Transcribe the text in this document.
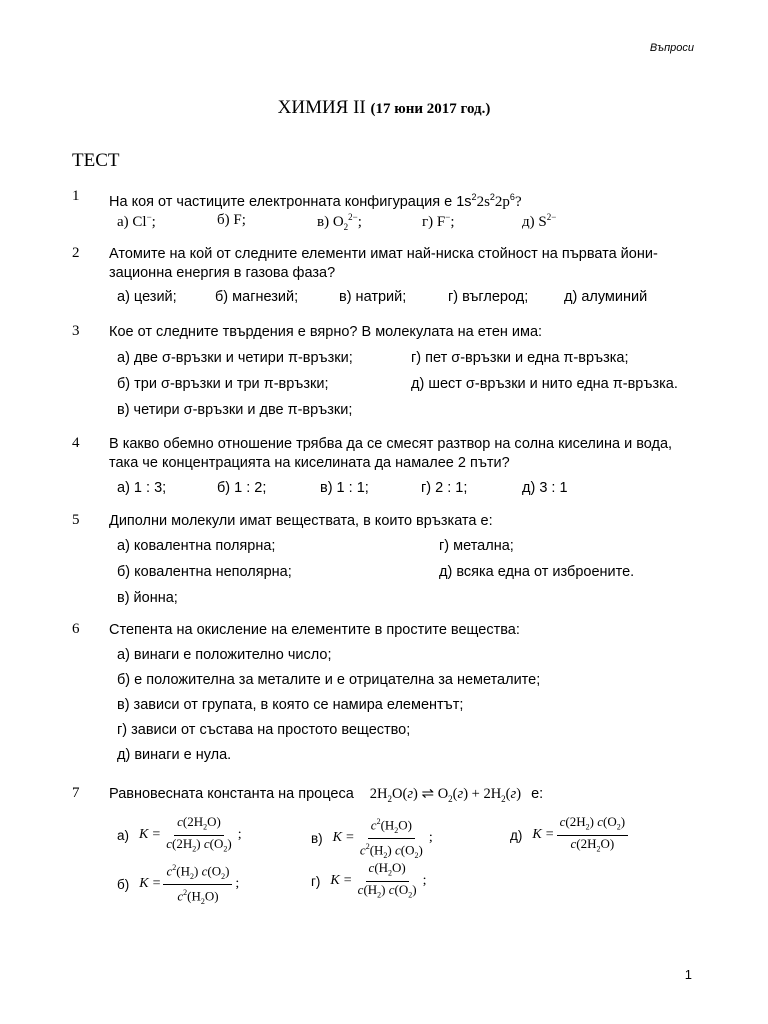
Въпроси
ХИМИЯ II (17 юни 2017 год.)
ТЕСТ
1 На коя от частиците електронната конфигурация е $1s^22s^22p^6$?
а) Cl−;	б) F;	в) $O_2^{2-}$;	г) F−;	д) $S^{2-}$
2 Атомите на кой от следните елементи имат най-ниска стойност на първата йони-зационна енергия в газова фаза?
а) цезий;	б) магнезий;	в) натрий;	г) въглерод; д) алуминий
3 Кое от следните твърдения е вярно? В молекулата на етен има:
а) две σ-връзки и четири π-връзки;	г) пет σ-връзки и една π-връзка;
б) три σ-връзки и три π-връзки;	д) шест σ-връзки и нито една π-връзка.
в) четири σ-връзки и две π-връзки;
4 В какво обемно отношение трябва да се смесят разтвор на солна киселина и вода, така че концентрацията на киселината да намалее 2 пъти?
а) 1 : 3;	б) 1 : 2;	в) 1 : 1;	г) 2 : 1;	д) 3 : 1
5 Диполни молекули имат веществата, в които връзката е:
а) ковалентна полярна;	г) метална;
б) ковалентна неполярна;	д) всяка една от изброените.
в) йонна;
6 Степента на окисление на елементите в простите вещества:
а) винаги е положително число;
б) е положителна за металите и е отрицателна за неметалите;
в) зависи от групата, в която се намира елементът;
г) зависи от състава на простото вещество;
д) винаги е нула.
7 Равновесната константа на процеса $2H_2O(г)$ ⇌ $O_2(г) + 2H_2(г)$ e:
а) $K = \frac{c(2H_2O)}{c(2H_2) c(O_2)}$ ;	в) $K = \frac{c^2(H_2O)}{c^2(H_2) c(O_2)}$ ;	д) $K = \frac{c(2H_2) c(O_2)}{c(2H_2O)}$
б) $K = \frac{c^2(H_2) c(O_2)}{c^2(H_2O)}$ ;	г) $K = \frac{c(H_2O)}{c(H_2) c(O_2)}$ ;
1
